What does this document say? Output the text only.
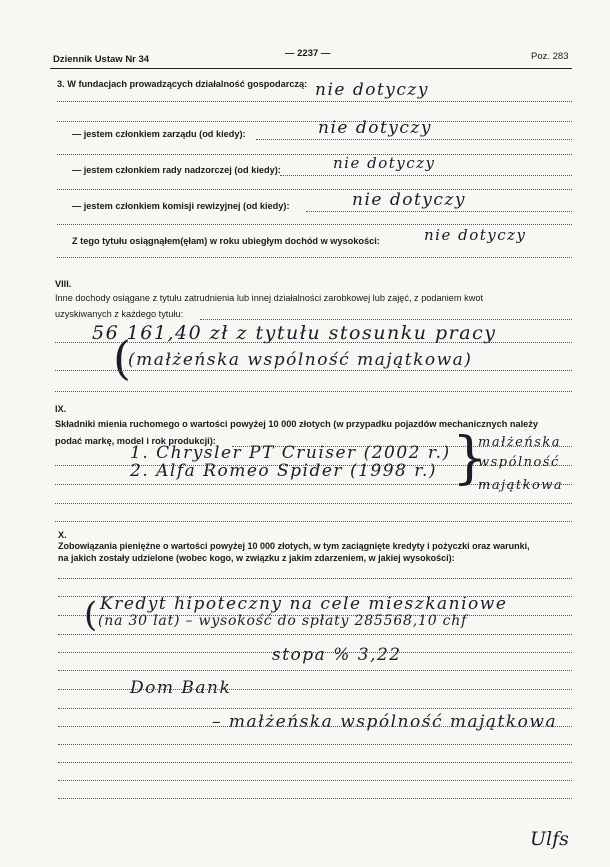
Dziennik Ustaw Nr 34
— 2237 —	Poz. 283
3. W fundacjach prowadzących działalność gospodarczą: nie dotyczy
— jestem członkiem zarządu (od kiedy):	nie dotyczy
— jestem członkiem rady nadzorczej (od kiedy):	nie dotyczy
— jestem członkiem komisji rewizyjnej (od kiedy):	nie dotyczy
Z tego tytułu osiągnąłem(ęłam) w roku ubiegłym dochód w wysokości:	nie dotyczy
VIII.
Inne dochody osiągane z tytułu zatrudnienia lub innej działalności zarobkowej lub zajęć, z podaniem kwot
uzyskiwanych z każdego tytułu:
56 161,40 zł z tytułu stosunku pracy
(
(małżeńska wspólność majątkowa)
IX.
Składniki mienia ruchomego o wartości powyżej 10 000 złotych (w przypadku pojazdów mechanicznych należy
podać markę, model i rok produkcji):
1. Chrysler PT Cruiser (2002 r.)
2. Alfa Romeo Spider (1998 r.) }
małżeńska
wspólność
majątkowa
X.
Zobowiązania pieniężne o wartości powyżej 10 000 złotych, w tym zaciągnięte kredyty i pożyczki oraz warunki,
na jakich zostały udzielone (wobec kogo, w związku z jakim zdarzeniem, w jakiej wysokości):
Kredyt hipoteczny na cele mieszkaniowe
( (na 30 lat) – wysokość do spłaty 285568,10 chf
stopa % 3,22
Dom Bank
– małżeńska wspólność majątkowa
Ulfs
